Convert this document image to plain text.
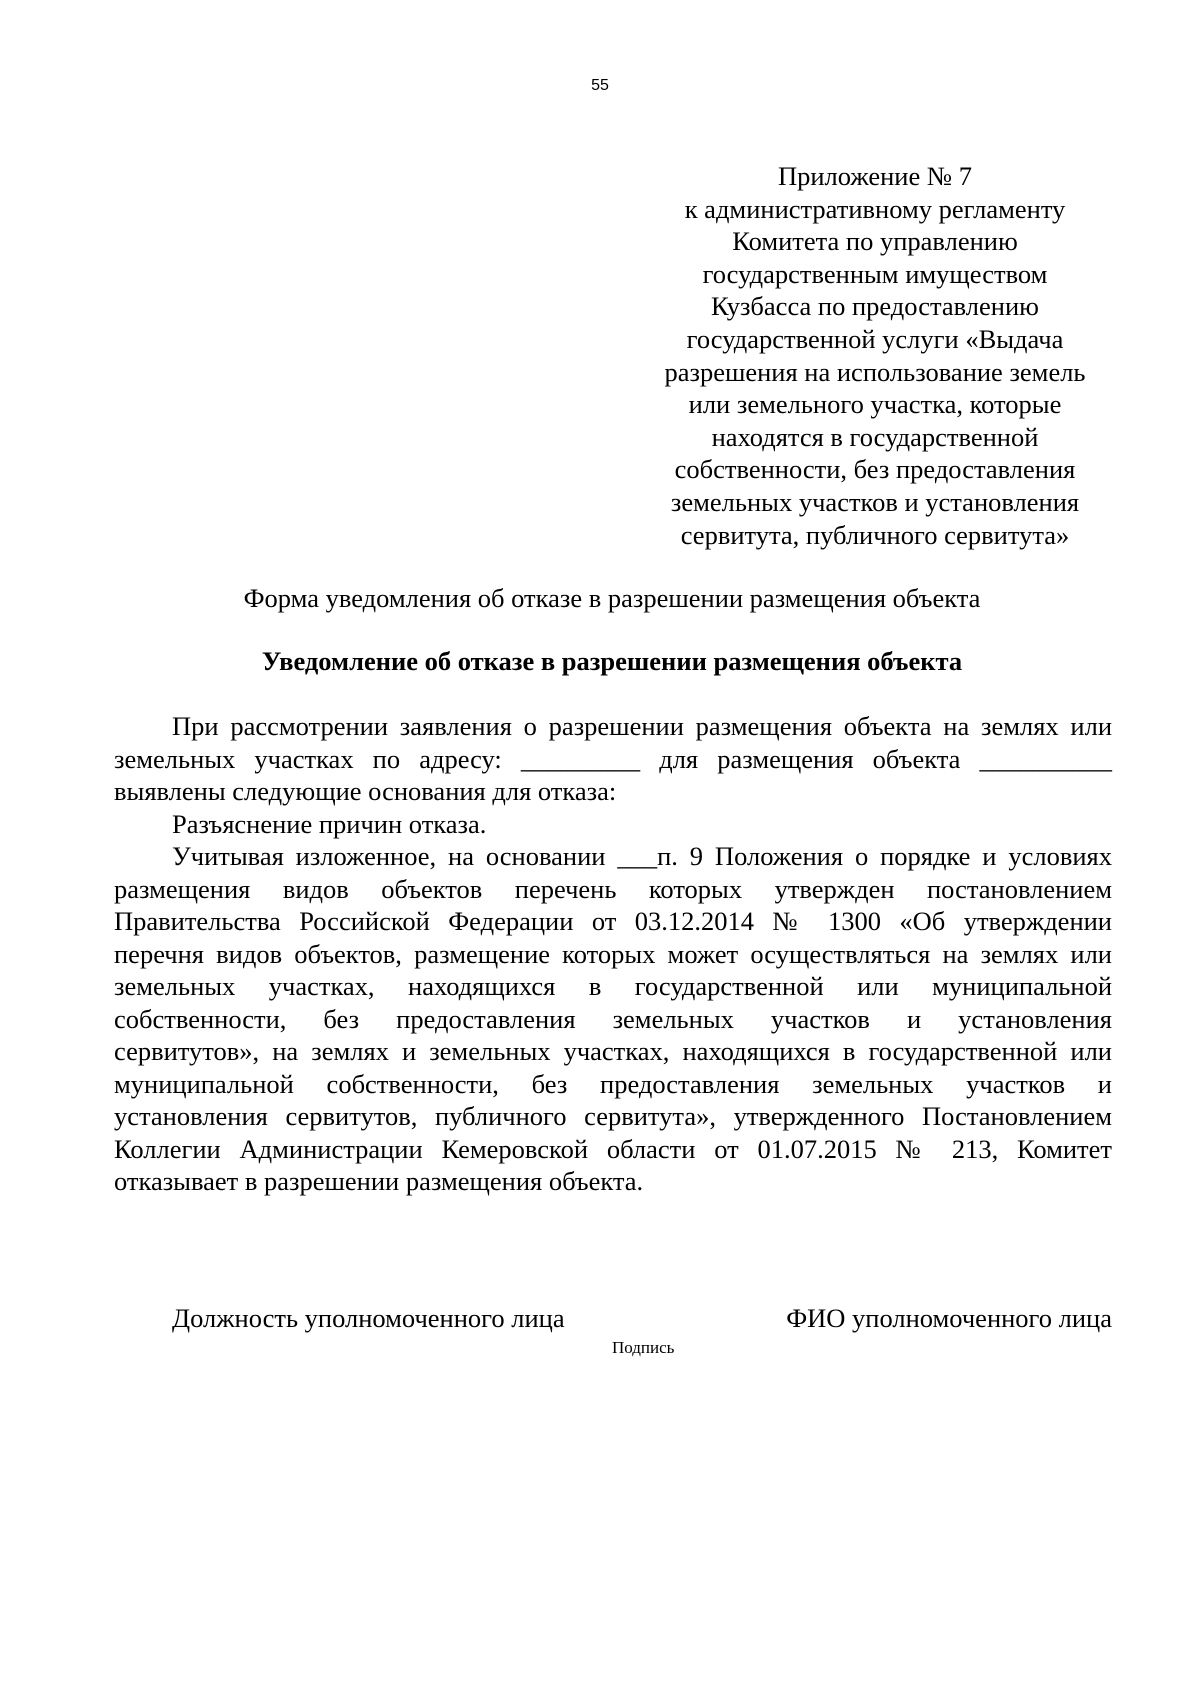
55
Приложение № 7
к административному регламенту
Комитета по управлению
государственным имуществом
Кузбасса по предоставлению
государственной услуги «Выдача
разрешения на использование земель
или земельного участка, которые
находятся в государственной
собственности, без предоставления
земельных участков и установления
сервитута, публичного сервитута»
Форма уведомления об отказе в разрешении размещения объекта
Уведомление об отказе в разрешении размещения объекта
При рассмотрении заявления о разрешении размещения объекта на землях или
земельных участках по адресу: _________ для размещения объекта __________
выявлены следующие основания для отказа:
Разъяснение причин отказа.
Учитывая изложенное, на основании ___п. 9 Положения о порядке и условиях
размещения видов объектов перечень которых утвержден постановлением
Правительства Российской Федерации от 03.12.2014 № 1300 «Об утверждении
перечня видов объектов, размещение которых может осуществляться на землях или
земельных участках, находящихся в государственной или муниципальной
собственности, без предоставления земельных участков и установления
сервитутов», на землях и земельных участках, находящихся в государственной или
муниципальной собственности, без предоставления земельных участков и
установления сервитутов, публичного сервитута», утвержденного Постановлением
Коллегии Администрации Кемеровской области от 01.07.2015 № 213, Комитет
отказывает в разрешении размещения объекта.
Должность уполномоченного лица	ФИО уполномоченного лица
Подпись
